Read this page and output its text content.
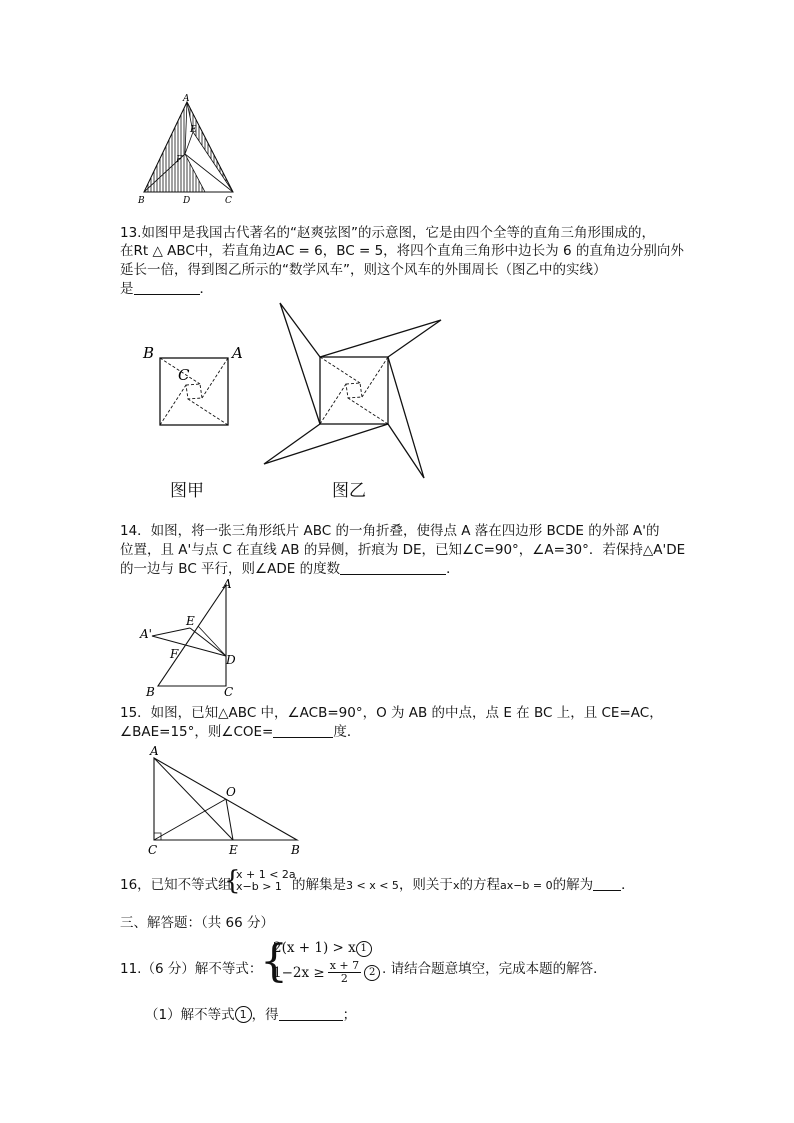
A
E
F
B	D	C
13.如图甲是我国古代著名的“赵爽弦图”的示意图，它是由四个全等的直角三角形围成的，
在Rt △ ABC中，若直角边AC = 6，BC = 5，将四个直角三角形中边长为 6 的直角边分别向外
延长一倍，得到图乙所示的“数学风车”，则这个风车的外围周长（图乙中的实线）
是	．
B	A
C
图甲	图乙
14．如图，将一张三角形纸片 ABC 的一角折叠，使得点 A 落在四边形 BCDE 的外部 A'的
位置，且 A'与点 C 在直线 AB 的异侧，折痕为 DE，已知∠C=90°，∠A=30°．若保持△A'DE
的一边与 BC 平行，则∠ADE 的度数	．
A
A'
E
F	D
B	C
15．如图，已知△ABC 中，∠ACB=90°，O 为 AB 的中点，点 E 在 BC 上，且 CE=AC，
∠BAE=15°，则∠COE=	度．
A
O
C	E	B
16，已知不等式组
{
x + 1 < 2a
x−b > 1 的解集是3 < x < 5，则关于x的方程ax−b = 0的解为 ．
三、解答题：（共 66 分）
11.（6 分）解不等式：
{
2(x + 1) > x 1
$1-2x \ge \frac{x + 7}{2} 2$ . 请结合题意填空，完成本题的解答．
（1）解不等式 1 ，得	；
